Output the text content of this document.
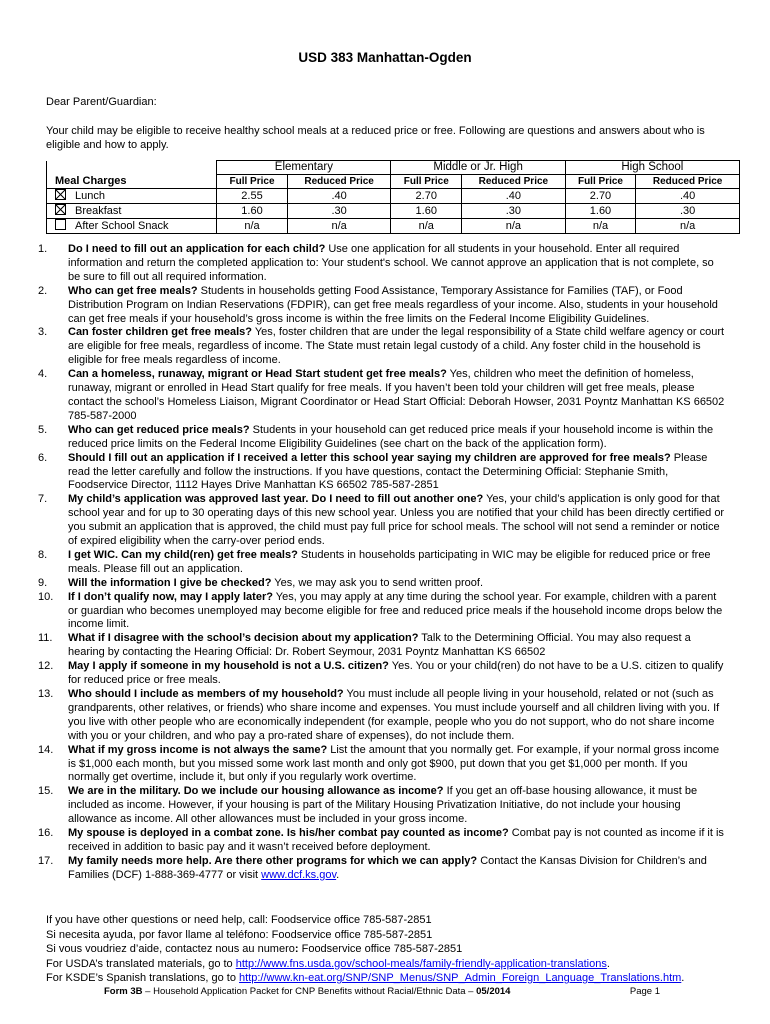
USD 383 Manhattan-Ogden
Dear Parent/Guardian:
Your child may be eligible to receive healthy school meals at a reduced price or free. Following are questions and answers about who is eligible and how to apply.
	Elementary		Middle or Jr. High		High School	
Meal Charges	Full Price	Reduced Price	Full Price	Reduced Price	Full Price	Reduced Price
Lunch	2.55	.40	2.70	.40	2.70	.40
Breakfast	1.60	.30	1.60	.30	1.60	.30
After School Snack	n/a	n/a	n/a	n/a	n/a	n/a
1.	Do I need to fill out an application for each child? Use one application for all students in your household. Enter all required information and return the completed application to: Your student's school. We cannot approve an application that is not complete, so be sure to fill out all required information.
2.	Who can get free meals? Students in households getting Food Assistance, Temporary Assistance for Families (TAF), or Food Distribution Program on Indian Reservations (FDPIR), can get free meals regardless of your income. Also, students in your household can get free meals if your household’s gross income is within the free limits on the Federal Income Eligibility Guidelines.
3.	Can foster children get free meals? Yes, foster children that are under the legal responsibility of a State child welfare agency or court are eligible for free meals, regardless of income. The State must retain legal custody of a child. Any foster child in the household is eligible for free meals regardless of income.
4.	Can a homeless, runaway, migrant or Head Start student get free meals? Yes, children who meet the definition of homeless, runaway, migrant or enrolled in Head Start qualify for free meals. If you haven’t been told your children will get free meals, please contact the school’s Homeless Liaison, Migrant Coordinator or Head Start Official: Deborah Howser, 2031 Poyntz Manhattan KS 66502 785-587-2000
5.	Who can get reduced price meals? Students in your household can get reduced price meals if your household income is within the reduced price limits on the Federal Income Eligibility Guidelines (see chart on the back of the application form).
6.	Should I fill out an application if I received a letter this school year saying my children are approved for free meals? Please read the letter carefully and follow the instructions. If you have questions, contact the Determining Official: Stephanie Smith, Foodservice Director, 1112 Hayes Drive Manhattan KS 66502 785-587-2851
7.	My child’s application was approved last year. Do I need to fill out another one? Yes, your child’s application is only good for that school year and for up to 30 operating days of this new school year. Unless you are notified that your child has been directly certified or you submit an application that is approved, the child must pay full price for school meals. The school will not send a reminder or notice of expired eligibility when the carry-over period ends.
8.	I get WIC. Can my child(ren) get free meals? Students in households participating in WIC may be eligible for reduced price or free meals. Please fill out an application.
9.	Will the information I give be checked? Yes, we may ask you to send written proof.
10.	If I don’t qualify now, may I apply later? Yes, you may apply at any time during the school year. For example, children with a parent or guardian who becomes unemployed may become eligible for free and reduced price meals if the household income drops below the income limit.
11.	What if I disagree with the school’s decision about my application? Talk to the Determining Official. You may also request a hearing by contacting the Hearing Official: Dr. Robert Seymour, 2031 Poyntz Manhattan KS 66502
12.	May I apply if someone in my household is not a U.S. citizen? Yes. You or your child(ren) do not have to be a U.S. citizen to qualify for reduced price or free meals.
13.	Who should I include as members of my household? You must include all people living in your household, related or not (such as grandparents, other relatives, or friends) who share income and expenses. You must include yourself and all children living with you. If you live with other people who are economically independent (for example, people who you do not support, who do not share income with you or your children, and who pay a pro-rated share of expenses), do not include them.
14.	What if my gross income is not always the same? List the amount that you normally get. For example, if your normal gross income is $1,000 each month, but you missed some work last month and only got $900, put down that you get $1,000 per month. If you normally get overtime, include it, but only if you regularly work overtime.
15.	We are in the military. Do we include our housing allowance as income? If you get an off-base housing allowance, it must be included as income. However, if your housing is part of the Military Housing Privatization Initiative, do not include your housing allowance as income. All other allowances must be included in your gross income.
16.	My spouse is deployed in a combat zone. Is his/her combat pay counted as income? Combat pay is not counted as income if it is received in addition to basic pay and it wasn’t received before deployment.
17.	My family needs more help. Are there other programs for which we can apply? Contact the Kansas Division for Children’s and Families (DCF) 1-888-369-4777 or visit www.dcf.ks.gov.
If you have other questions or need help, call: Foodservice office 785-587-2851
Si necesita ayuda, por favor llame al teléfono: Foodservice office 785-587-2851
Si vous voudriez d’aide, contactez nous au numero: Foodservice office 785-587-2851
For USDA’s translated materials, go to http://www.fns.usda.gov/school-meals/family-friendly-application-translations.
For KSDE’s Spanish translations, go to http://www.kn-eat.org/SNP/SNP_Menus/SNP_Admin_Foreign_Language_Translations.htm.
Form 3B – Household Application Packet for CNP Benefits without Racial/Ethnic Data – 05/2014	Page 1
